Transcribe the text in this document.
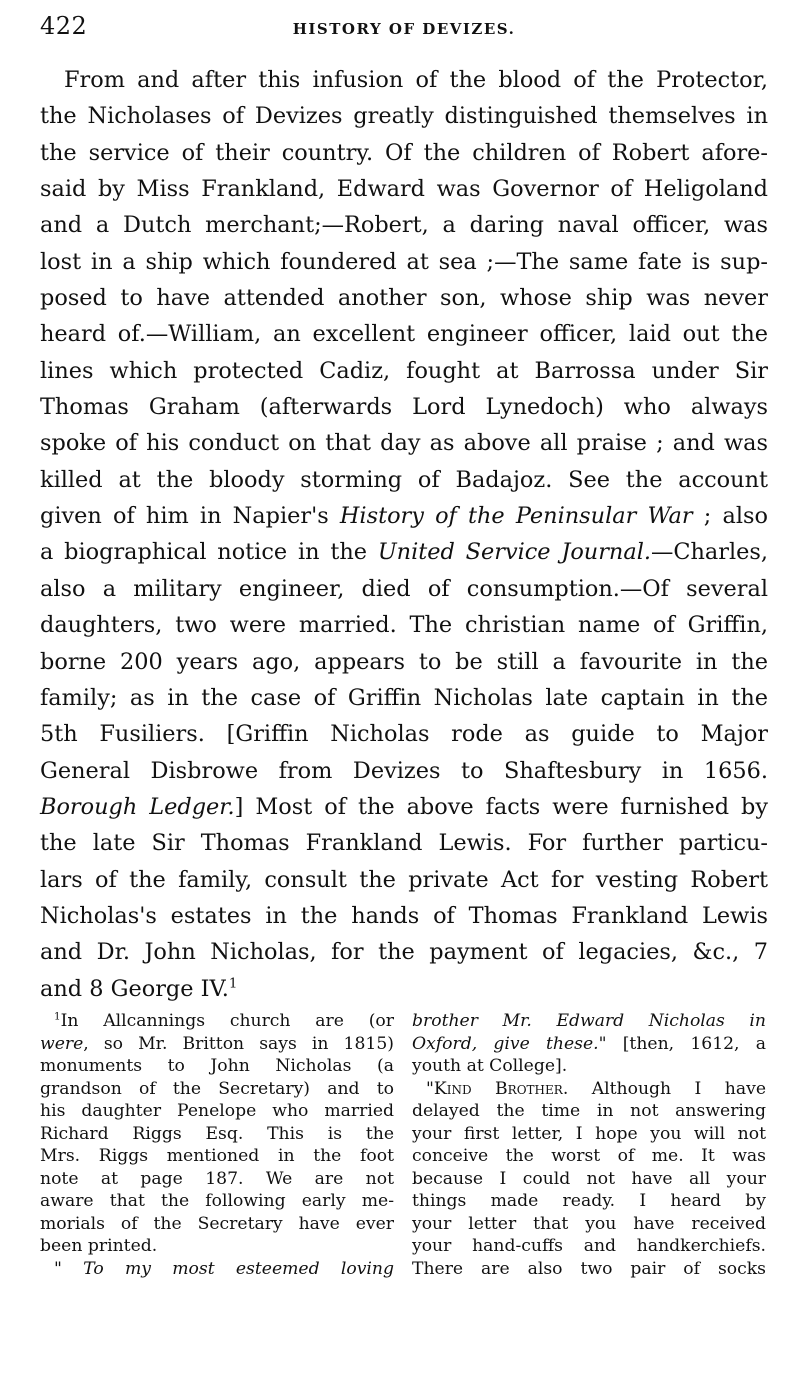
422	HISTORY OF DEVIZES.
From and after this infusion of the blood of the Protector,
the Nicholases of Devizes greatly distinguished themselves in
the service of their country. Of the children of Robert afore-
said by Miss Frankland, Edward was Governor of Heligoland
and a Dutch merchant;—Robert, a daring naval officer, was
lost in a ship which foundered at sea ;—The same fate is sup-
posed to have attended another son, whose ship was never
heard of.—William, an excellent engineer officer, laid out the
lines which protected Cadiz, fought at Barrossa under Sir
Thomas Graham (afterwards Lord Lynedoch) who always
spoke of his conduct on that day as above all praise ; and was
killed at the bloody storming of Badajoz. See the account
given of him in Napier's History of the Peninsular War ; also
a biographical notice in the United Service Journal.—Charles,
also a military engineer, died of consumption.—Of several
daughters, two were married. The christian name of Griffin,
borne 200 years ago, appears to be still a favourite in the
family; as in the case of Griffin Nicholas late captain in the
5th Fusiliers. [Griffin Nicholas rode as guide to Major
General Disbrowe from Devizes to Shaftesbury in 1656.
Borough Ledger.] Most of the above facts were furnished by
the late Sir Thomas Frankland Lewis. For further particu-
lars of the family, consult the private Act for vesting Robert
Nicholas's estates in the hands of Thomas Frankland Lewis
and Dr. John Nicholas, for the payment of legacies, &c., 7
and 8 George IV.$^1$
$^1$In Allcannings church are (or
were, so Mr. Britton says in 1815)
monuments to John Nicholas (a
grandson of the Secretary) and to
his daughter Penelope who married
Richard Riggs Esq. This is the
Mrs. Riggs mentioned in the foot
note at page 187. We are not
aware that the following early me-
morials of the Secretary have ever
been printed.
" To my most esteemed loving
brother Mr. Edward Nicholas in
Oxford, give these." [then, 1612, a
youth at College].
"Kind Brother. Although I have
delayed the time in not answering
your first letter, I hope you will not
conceive the worst of me. It was
because I could not have all your
things made ready. I heard by
your letter that you have received
your hand-cuffs and handkerchiefs.
There are also two pair of socks
